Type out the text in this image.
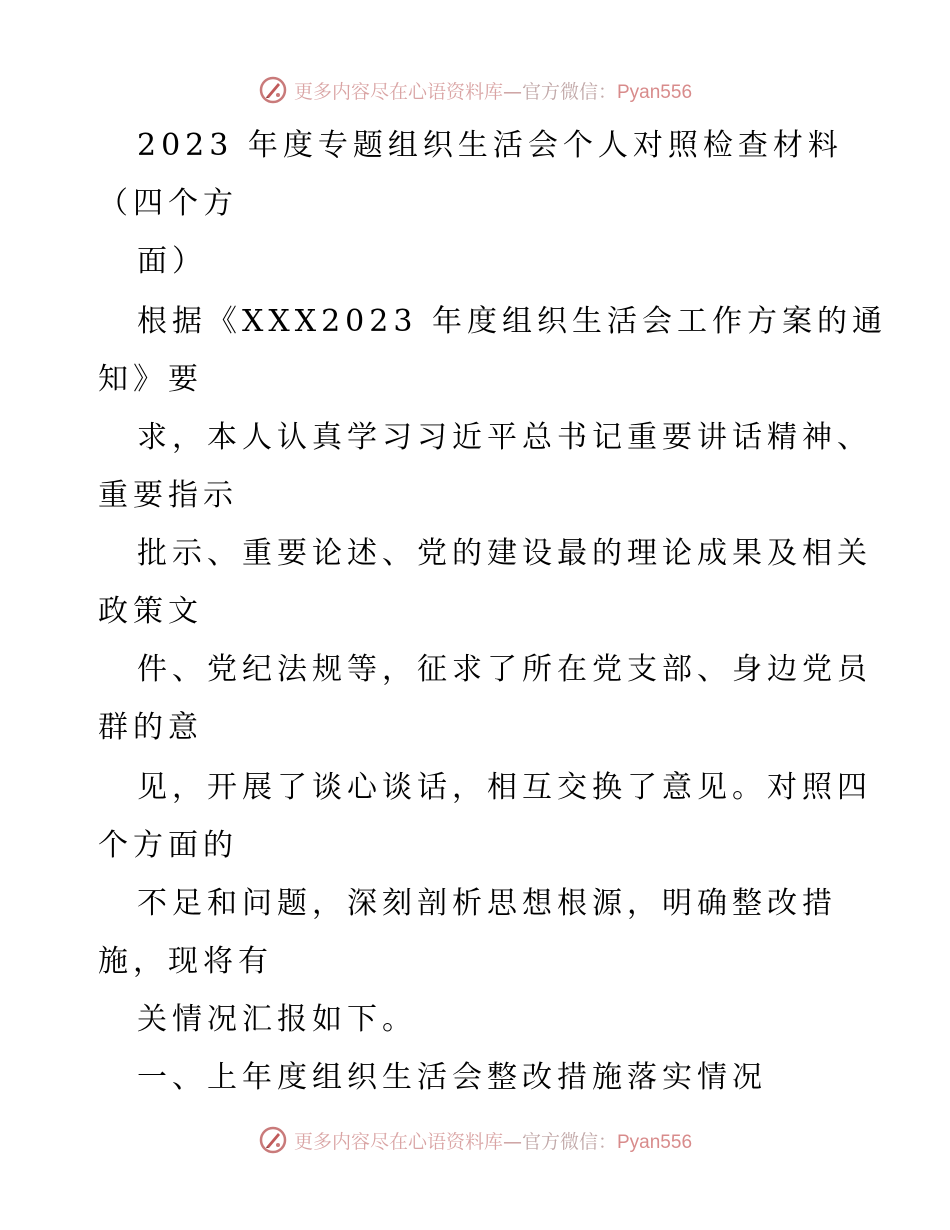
更多内容尽在心语资料库—官方微信：Pyan556
2023 年度专题组织生活会个人对照检查材料
（四个方
面）
根据《XXX2023 年度组织生活会工作方案的通
知》要
求，本人认真学习习近平总书记重要讲话精神、
重要指示
批示、重要论述、党的建设最的理论成果及相关
政策文
件、党纪法规等，征求了所在党支部、身边党员
群的意
见，开展了谈心谈话，相互交换了意见。对照四
个方面的
不足和问题，深刻剖析思想根源，明确整改措
施，现将有
关情况汇报如下。
一、上年度组织生活会整改措施落实情况
更多内容尽在心语资料库—官方微信：Pyan556
